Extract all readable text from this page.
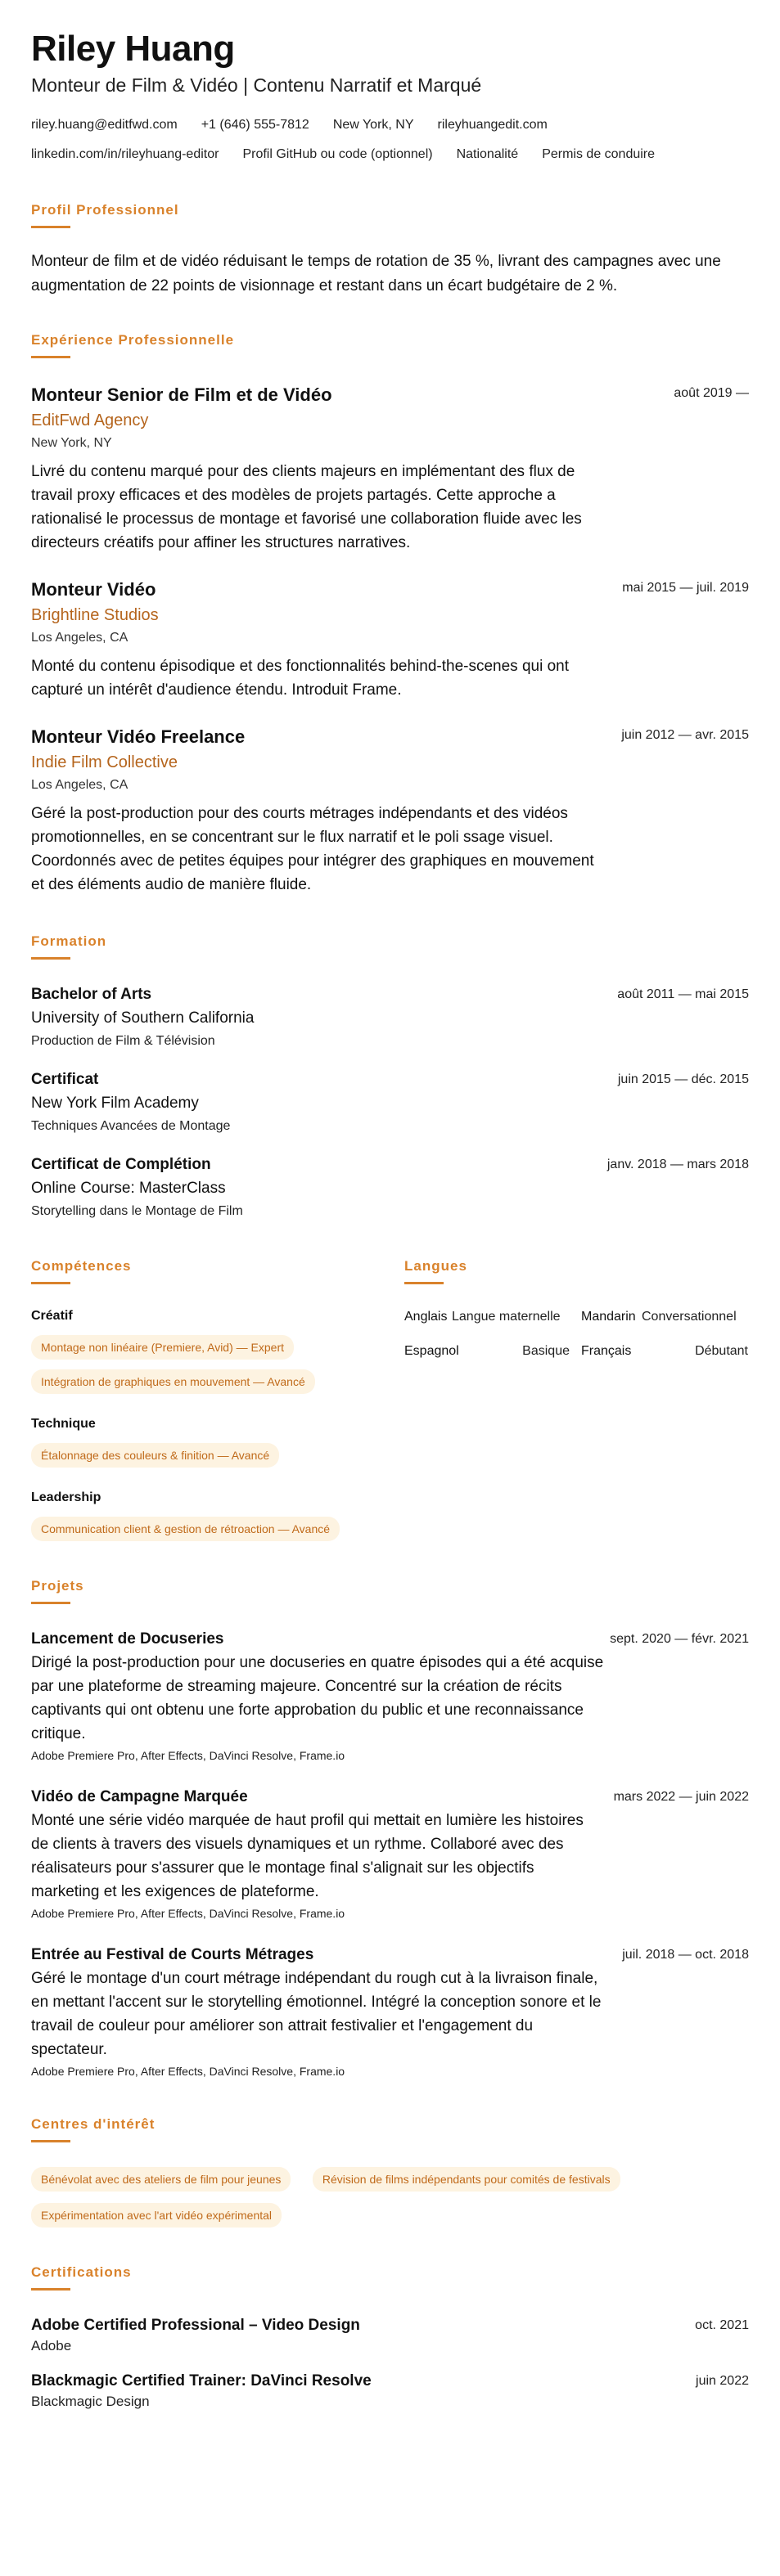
Riley Huang
Monteur de Film & Vidéo | Contenu Narratif et Marqué
riley.huang@editfwd.com +1 (646) 555-7812 New York, NY rileyhuangedit.com
linkedin.com/in/rileyhuang-editor Profil GitHub ou code (optionnel) Nationalité Permis de conduire
Profil Professionnel
Monteur de film et de vidéo réduisant le temps de rotation de 35 %, livrant des campagnes avec une augmentation de 22 points de visionnage et restant dans un écart budgétaire de 2 %.
Expérience Professionnelle
Monteur Senior de Film et de Vidéo
EditFwd Agency
New York, NY
Livré du contenu marqué pour des clients majeurs en implémentant des flux de travail proxy efficaces et des modèles de projets partagés. Cette approche a rationalisé le processus de montage et favorisé une collaboration fluide avec les directeurs créatifs pour affiner les structures narratives.
août 2019 —
Monteur Vidéo
Brightline Studios
Los Angeles, CA
Monté du contenu épisodique et des fonctionnalités behind-the-scenes qui ont capturé un intérêt d'audience étendu. Introduit Frame.
mai 2015 — juil. 2019
Monteur Vidéo Freelance
Indie Film Collective
Los Angeles, CA
Géré la post-production pour des courts métrages indépendants et des vidéos promotionnelles, en se concentrant sur le flux narratif et le poli ssage visuel. Coordonnés avec de petites équipes pour intégrer des graphiques en mouvement et des éléments audio de manière fluide.
juin 2012 — avr. 2015
Formation
Bachelor of Arts
University of Southern California
Production de Film & Télévision
août 2011 — mai 2015
Certificat
New York Film Academy
Techniques Avancées de Montage
juin 2015 — déc. 2015
Certificat de Complétion
Online Course: MasterClass
Storytelling dans le Montage de Film
janv. 2018 — mars 2018
Compétences
Créatif
Montage non linéaire (Premiere, Avid) — Expert
Intégration de graphiques en mouvement — Avancé
Technique
Étalonnage des couleurs & finition — Avancé
Leadership
Communication client & gestion de rétroaction — Avancé
Langues
Anglais Langue maternelle	Mandarin Conversationnel
Espagnol	Basique Français	Débutant
Projets
Lancement de Docuseries
Dirigé la post-production pour une docuseries en quatre épisodes qui a été acquise par une plateforme de streaming majeure. Concentré sur la création de récits captivants qui ont obtenu une forte approbation du public et une reconnaissance critique.
Adobe Premiere Pro, After Effects, DaVinci Resolve, Frame.io
sept. 2020 — févr. 2021
Vidéo de Campagne Marquée
Monté une série vidéo marquée de haut profil qui mettait en lumière les histoires de clients à travers des visuels dynamiques et un rythme. Collaboré avec des réalisateurs pour s'assurer que le montage final s'alignait sur les objectifs marketing et les exigences de plateforme.
Adobe Premiere Pro, After Effects, DaVinci Resolve, Frame.io
mars 2022 — juin 2022
Entrée au Festival de Courts Métrages
Géré le montage d'un court métrage indépendant du rough cut à la livraison finale, en mettant l'accent sur le storytelling émotionnel. Intégré la conception sonore et le travail de couleur pour améliorer son attrait festivalier et l'engagement du spectateur.
Adobe Premiere Pro, After Effects, DaVinci Resolve, Frame.io
juil. 2018 — oct. 2018
Centres d'intérêt
Bénévolat avec des ateliers de film pour jeunes	Révision de films indépendants pour comités de festivals
Expérimentation avec l'art vidéo expérimental
Certifications
Adobe Certified Professional – Video Design
Adobe
oct. 2021
Blackmagic Certified Trainer: DaVinci Resolve
Blackmagic Design
juin 2022
